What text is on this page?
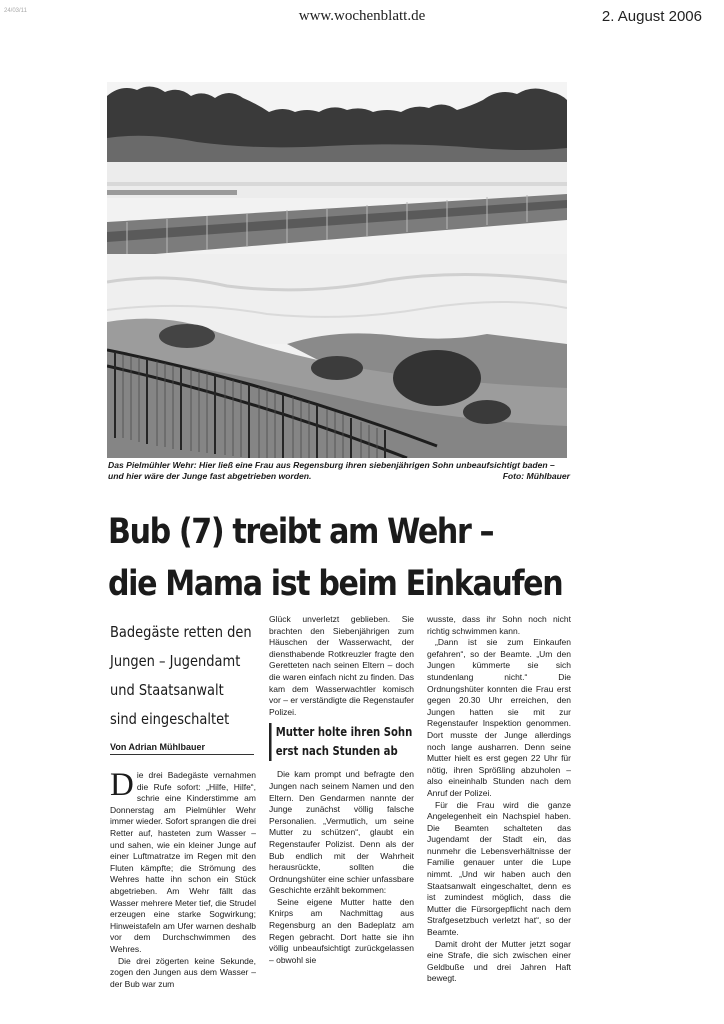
24/03/11	www.wochenblatt.de	2. August 2006
Das Pielmühler Wehr: Hier ließ eine Frau aus Regensburg ihren siebenjährigen Sohn unbeaufsichtigt baden – und hier wäre der Junge fast abgetrieben worden.	Foto: Mühlbauer
Bub (7) treibt am Wehr –
die Mama ist beim Einkaufen
Badegäste retten den
Jungen – Jugendamt
und Staatsanwalt
sind eingeschaltet
Von Adrian Mühlbauer

Die drei Badegäste vernahmen die Rufe sofort: „Hilfe, Hilfe“, schrie eine Kinderstimme am Donnerstag am Pielmühler Wehr immer wieder. Sofort sprangen die drei Retter auf, hasteten zum Wasser – und sahen, wie ein kleiner Junge auf einer Luftmatratze im Regen mit den Fluten kämpfte; die Strömung des Wehres hatte ihn schon ein Stück abgetrieben. Am Wehr fällt das Wasser mehrere Meter tief, die Strudel erzeugen eine starke Sogwirkung; Hinweistafeln am Ufer warnen deshalb vor dem Durchschwimmen des Wehres.

Die drei zögerten keine Sekunde, zogen den Jungen aus dem Wasser – der Bub war zum

Glück unverletzt geblieben. Sie brachten den Siebenjährigen zum Häuschen der Wasserwacht, der diensthabende Rotkreuzler fragte den Geretteten nach seinen Eltern – doch die waren einfach nicht zu finden. Das kam dem Wasserwachtler komisch vor – er verständigte die Regenstaufer Polizei.

Mutter holte ihren Sohn
erst nach Stunden ab

Die kam prompt und befragte den Jungen nach seinem Namen und den Eltern. Den Gendarmen nannte der Junge zunächst völlig falsche Personalien. „Vermutlich, um seine Mutter zu schützen“, glaubt ein Regenstaufer Polizist. Denn als der Bub endlich mit der Wahrheit herausrückte, sollten die Ordnungshüter eine schier unfassbare Geschichte erzählt bekommen:

Seine eigene Mutter hatte den Knirps am Nachmittag aus Regensburg an den Badeplatz am Regen gebracht. Dort hatte sie ihn völlig unbeaufsichtigt zurückgelassen – obwohl sie

wusste, dass ihr Sohn noch nicht richtig schwimmen kann.

„Dann ist sie zum Einkaufen gefahren“, so der Beamte. „Um den Jungen kümmerte sie sich stundenlang nicht.“ Die Ordnungshüter konnten die Frau erst gegen 20.30 Uhr erreichen, den Jungen hatten sie mit zur Regenstaufer Inspektion genommen. Dort musste der Junge allerdings noch lange ausharren. Denn seine Mutter hielt es erst gegen 22 Uhr für nötig, ihren Sprößling abzuholen – also eineinhalb Stunden nach dem Anruf der Polizei.

Für die Frau wird die ganze Angelegenheit ein Nachspiel haben. Die Beamten schalteten das Jugendamt der Stadt ein, das nunmehr die Lebensverhältnisse der Familie genauer unter die Lupe nimmt. „Und wir haben auch den Staatsanwalt eingeschaltet, denn es ist zumindest möglich, dass die Mutter die Fürsorgepflicht nach dem Strafgesetzbuch verletzt hat“, so der Beamte.

Damit droht der Mutter jetzt sogar eine Strafe, die sich zwischen einer Geldbuße und drei Jahren Haft bewegt.
